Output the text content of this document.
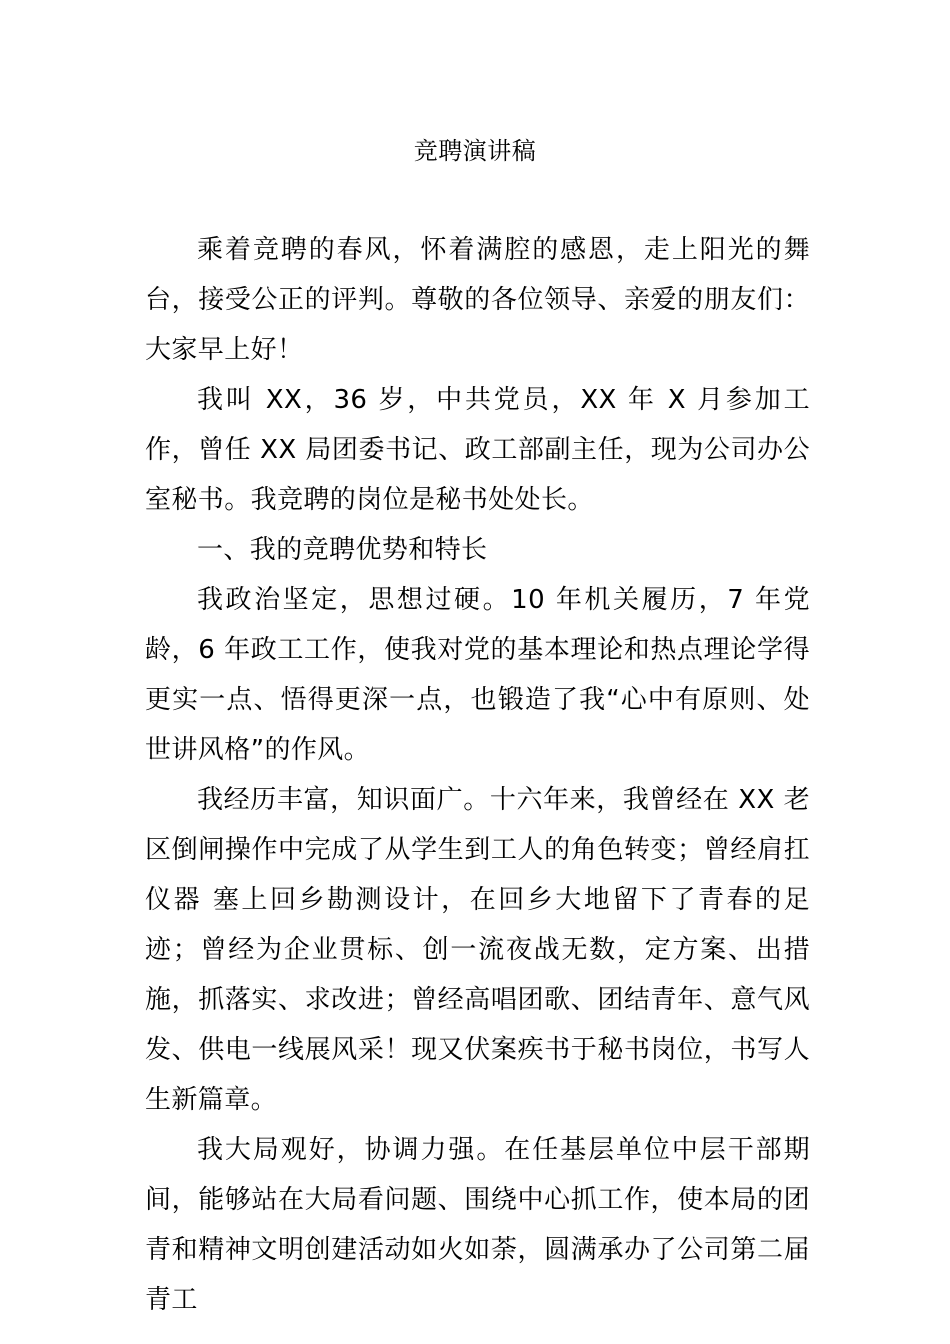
竞聘演讲稿

乘着竞聘的春风，怀着满腔的感恩，走上阳光的舞台，接受公正的评判。尊敬的各位领导、亲爱的朋友们：大家早上好！

我叫 XX，36 岁，中共党员，XX 年 X 月参加工作，曾任 XX 局团委书记、政工部副主任，现为公司办公室秘书。我竞聘的岗位是秘书处处长。

一、我的竞聘优势和特长

我政治坚定，思想过硬。10 年机关履历，7 年党龄，6 年政工工作，使我对党的基本理论和热点理论学得更实一点、悟得更深一点，也锻造了我“心中有原则、处世讲风格”的作风。

我经历丰富，知识面广。十六年来，我曾经在 XX 老区倒闸操作中完成了从学生到工人的角色转变；曾经肩扛仪器 塞上回乡勘测设计，在回乡大地留下了青春的足迹；曾经为企业贯标、创一流夜战无数，定方案、出措施，抓落实、求改进；曾经高唱团歌、团结青年、意气风发、供电一线展风采！现又伏案疾书于秘书岗位，书写人生新篇章。

我大局观好，协调力强。在任基层单位中层干部期间，能够站在大局看问题、围绕中心抓工作，使本局的团青和精神文明创建活动如火如荼，圆满承办了公司第二届青工
